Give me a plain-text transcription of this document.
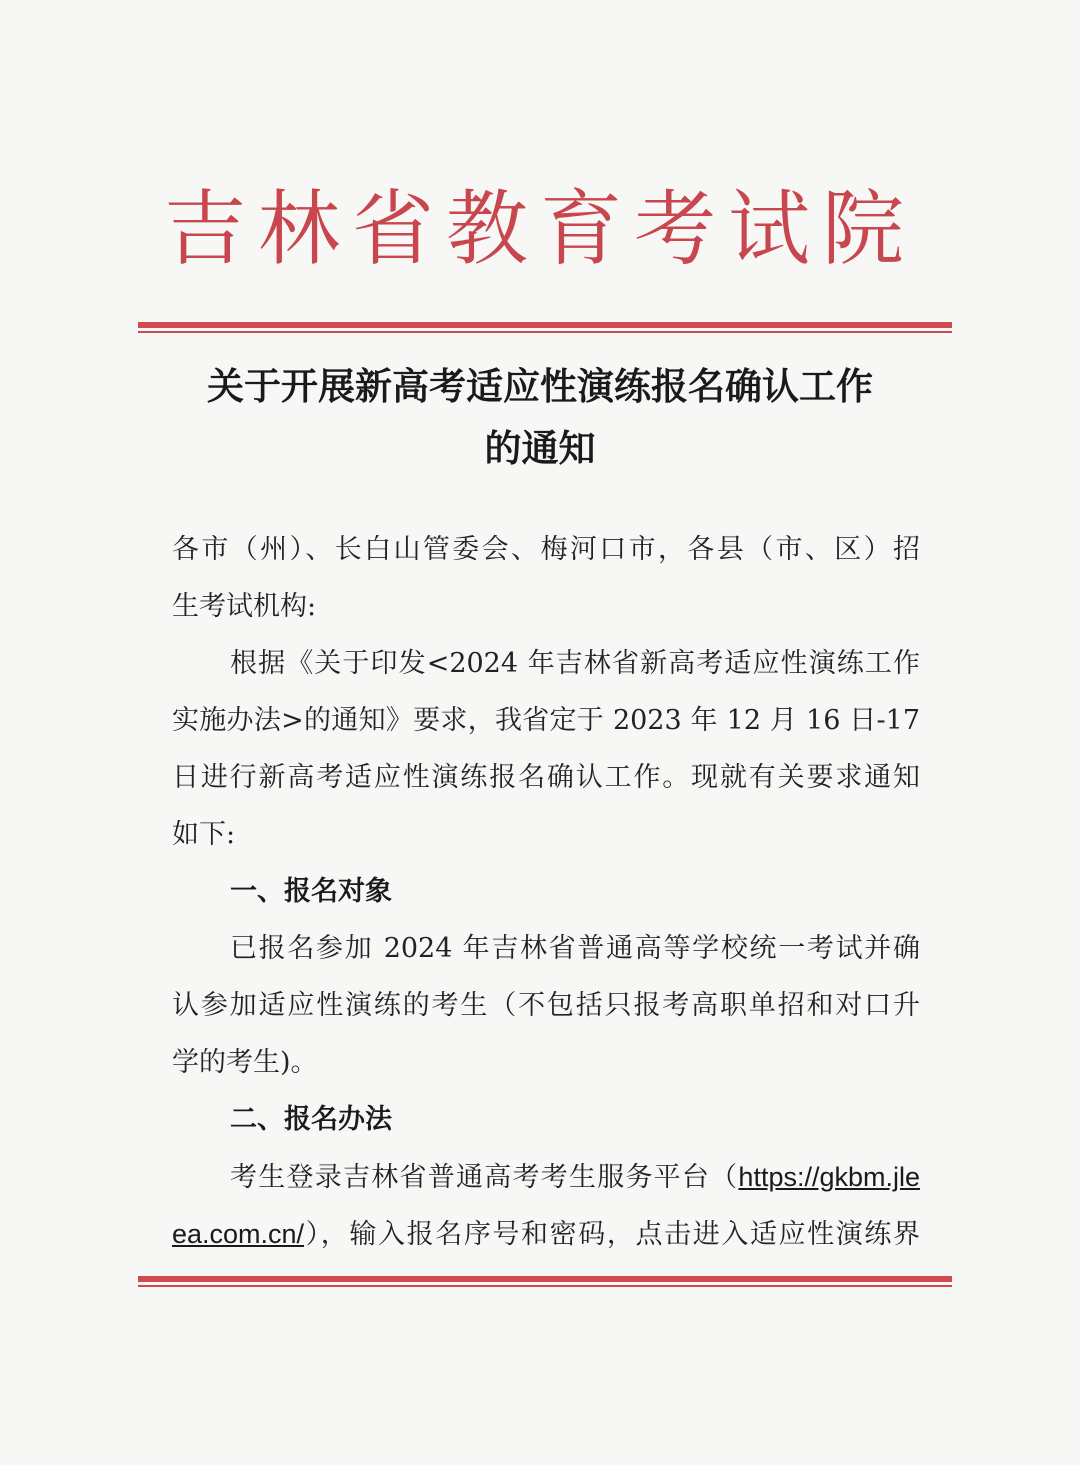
吉林省教育考试院
关于开展新高考适应性演练报名确认工作
的通知
各市（州）、长白山管委会、梅河口市，各县（市、区）招
生考试机构:
根据《关于印发<2024 年吉林省新高考适应性演练工作
实施办法>的通知》要求，我省定于 2023 年 12 月 16 日-17
日进行新高考适应性演练报名确认工作。现就有关要求通知
如下:
一、报名对象
已报名参加 2024 年吉林省普通高等学校统一考试并确
认参加适应性演练的考生（不包括只报考高职单招和对口升
学的考生)。
二、报名办法
考生登录吉林省普通高考考生服务平台（https://gkbm.jle
ea.com.cn/），输入报名序号和密码，点击进入适应性演练界
